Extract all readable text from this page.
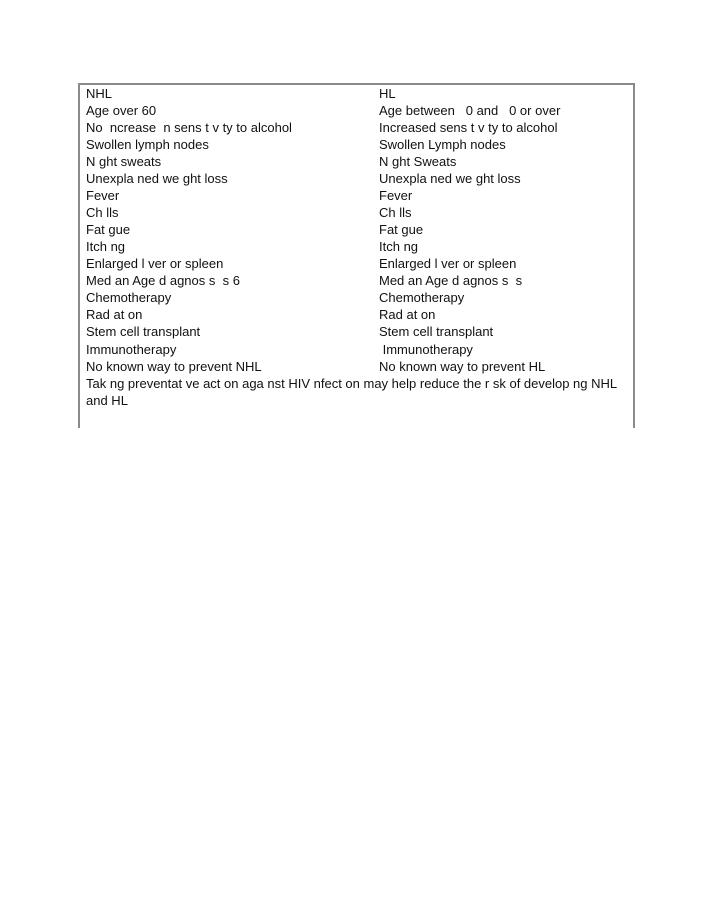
NHL	HL
Age over 60	Age between   0 and   0 or over
No  ncrease  n sens t v ty to alcohol	Increased sens t v ty to alcohol
Swollen lymph nodes	Swollen Lymph nodes
N ght sweats	N ght Sweats
Unexpla ned we ght loss	Unexpla ned we ght loss
Fever	Fever
Ch lls	Ch lls
Fat gue	Fat gue
Itch ng	Itch ng
Enlarged l ver or spleen	Enlarged l ver or spleen
Med an Age d agnos s  s 6	Med an Age d agnos s  s
Chemotherapy	Chemotherapy
Rad at on	Rad at on
Stem cell transplant	Stem cell transplant
Immunotherapy	Immunotherapy
No known way to prevent NHL	No known way to prevent HL
Tak ng preventat ve act on aga nst HIV nfect on may help reduce the r sk of develop ng NHL and HL
